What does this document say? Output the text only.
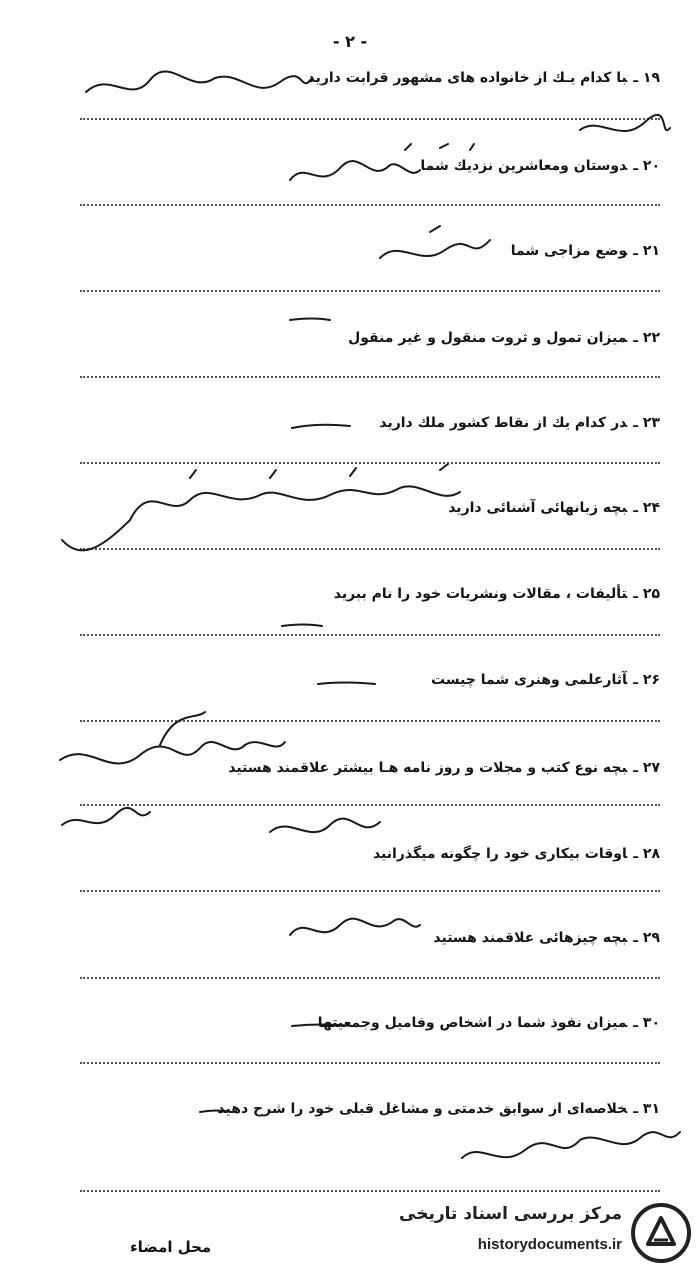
- ۲ -
۱۹ ـبا کدام یـك از خانواده های مشهور قرابت دارید
۲۰ ـدوستان ومعاشرین نزدیك شما
۲۱ ـوضع مزاجی شما
۲۲ ـمیزان تمول و ثروت منقول و غیر منقول
۲۳ ـدر کدام یك از نقاط کشور ملك دارید
۲۴ ـبچه زبانهائی آشنائی دارید
۲۵ ـتألیفات ، مقالات ونشریات خود را نام ببرید
۲۶ ـآثارعلمی وهنری شما چیست
۲۷ ـبچه نوع کتب و مجلات و روز نامه هـا بیشتر علاقمند هستید
۲۸ ـاوقات بیکاری خود را چگونه میگذرانید
۲۹ ـبچه چیزهائی علاقمند هستید
۳۰ ـمیزان نفوذ شما در اشخاص وفامیل وجمعیتها
۳۱ ـخلاصه‌ای از سوابق خدمتی و مشاغل قبلی خود را شرح دهید
محل امضاء
مرکز بررسی اسناد تاریخی
historydocuments.ir
